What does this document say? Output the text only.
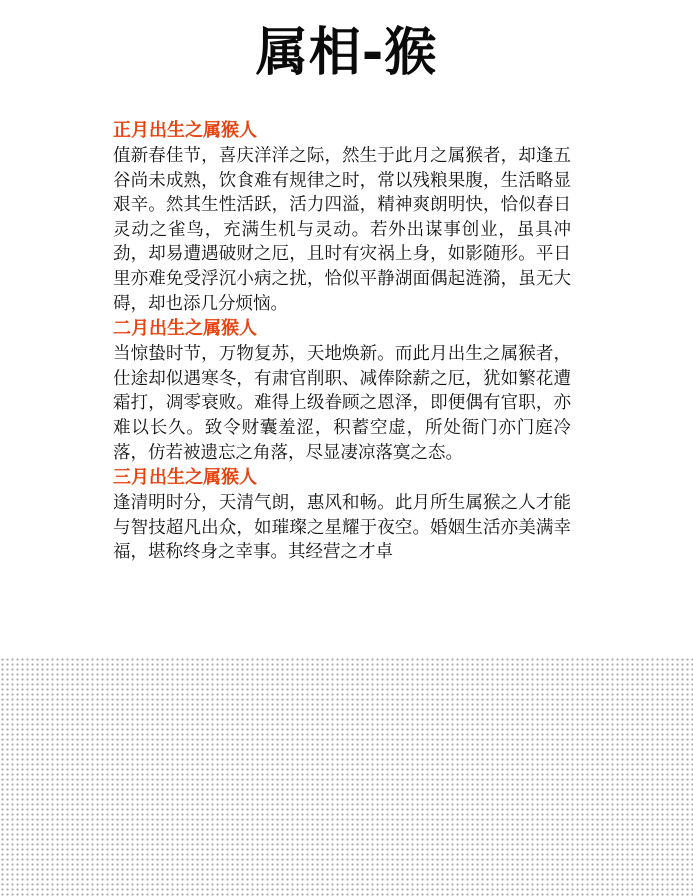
属相-猴
正月出生之属猴人

值新春佳节，喜庆洋洋之际，然生于此月之属猴者，却逢五谷尚未成熟，饮食难有规律之时，常以残粮果腹，生活略显艰辛。然其生性活跃，活力四溢，精神爽朗明快，恰似春日灵动之雀鸟，充满生机与灵动。若外出谋事创业，虽具冲劲，却易遭遇破财之厄，且时有灾祸上身，如影随形。平日里亦难免受浮沉小病之扰，恰似平静湖面偶起涟漪，虽无大碍，却也添几分烦恼。

二月出生之属猴人

当惊蛰时节，万物复苏，天地焕新。而此月出生之属猴者，仕途却似遇寒冬，有肃官削职、减俸除薪之厄，犹如繁花遭霜打，凋零衰败。难得上级眷顾之恩泽，即便偶有官职，亦难以长久。致令财囊羞涩，积蓄空虚，所处衙门亦门庭冷落，仿若被遗忘之角落，尽显凄凉落寞之态。

三月出生之属猴人

逢清明时分，天清气朗，惠风和畅。此月所生属猴之人才能与智技超凡出众，如璀璨之星耀于夜空。婚姻生活亦美满幸福，堪称终身之幸事。其经营之才卓
